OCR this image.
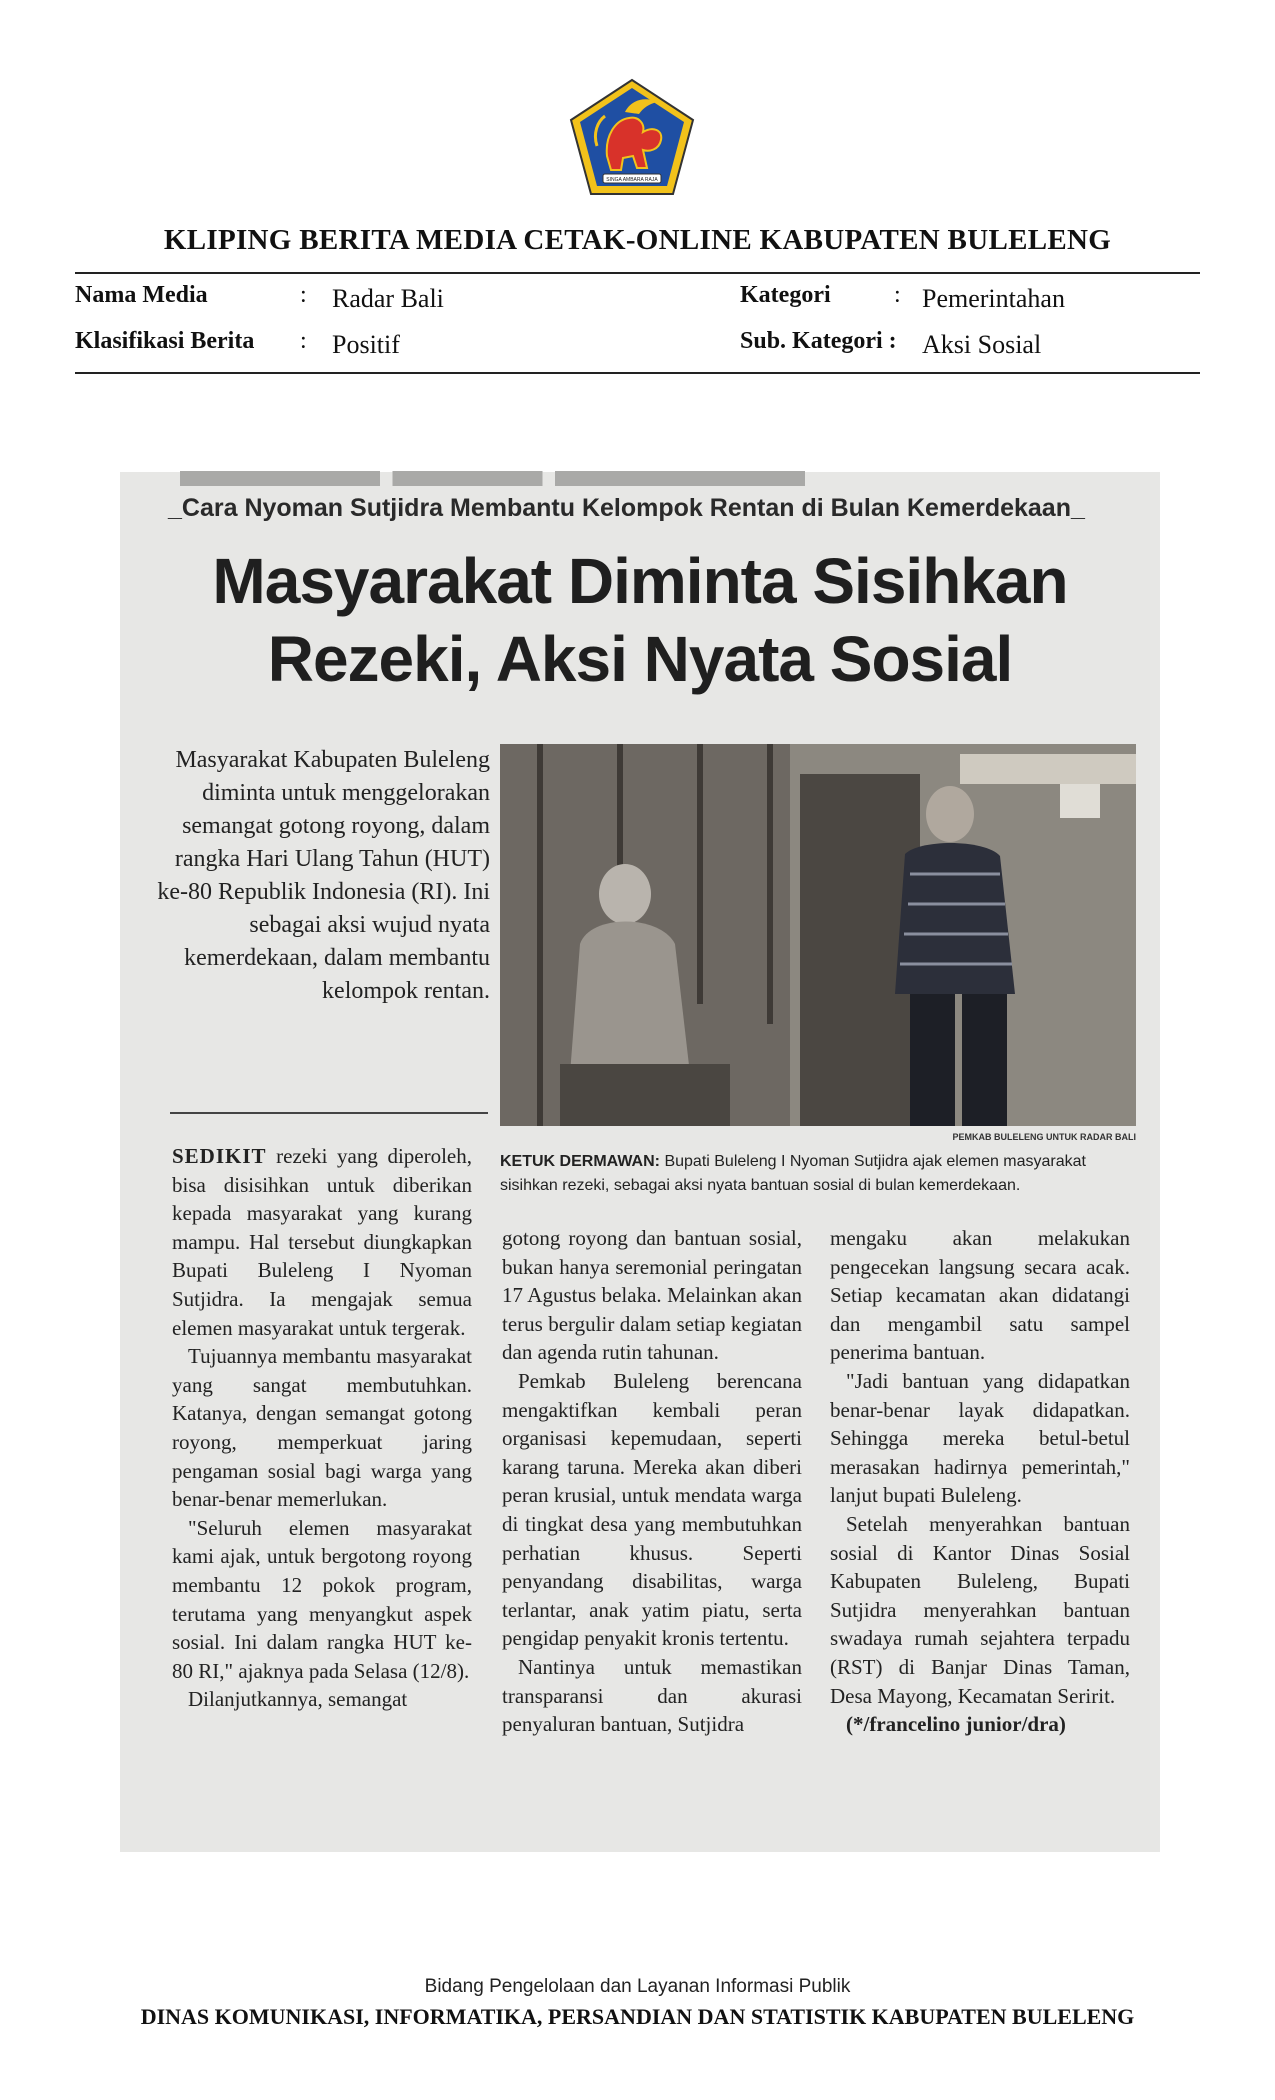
SINGA AMBARA RAJA
KLIPING BERITA MEDIA CETAK-ONLINE KABUPATEN BULELENG
Nama Media	: Radar Bali
Klasifikasi Berita : Positif
Kategori	: Pemerintahan
Sub. Kategori : Aksi Sosial
▬▬▬▬ ▬▬▬ ▬▬▬▬▬
_Cara Nyoman Sutjidra Membantu Kelompok Rentan di Bulan Kemerdekaan_
Masyarakat Diminta Sisihkan
Rezeki, Aksi Nyata Sosial
Masyarakat Kabupaten Buleleng diminta untuk menggelorakan semangat gotong royong, dalam rangka Hari Ulang Tahun (HUT) ke-80 Republik Indonesia (RI). Ini sebagai aksi wujud nyata kemerdekaan, dalam membantu kelompok rentan.
PEMKAB BULELENG UNTUK RADAR BALI
KETUK DERMAWAN: Bupati Buleleng I Nyoman Sutjidra ajak elemen masyarakat sisihkan rezeki, sebagai aksi nyata bantuan sosial di bulan kemerdekaan.

SEDIKIT rezeki yang diperoleh, bisa disisihkan untuk diberikan kepada masyarakat yang kurang mampu. Hal tersebut diungkapkan Bupati Buleleng I Nyoman Sutjidra. Ia mengajak semua elemen masyarakat untuk tergerak.

Tujuannya membantu masyarakat yang sangat membutuhkan. Katanya, dengan semangat gotong royong, memperkuat jaring pengaman sosial bagi warga yang benar-benar memerlukan.

"Seluruh elemen masyarakat kami ajak, untuk bergotong royong membantu 12 pokok program, terutama yang menyangkut aspek sosial. Ini dalam rangka HUT ke-80 RI," ajaknya pada Selasa (12/8).

Dilanjutkannya, semangat

gotong royong dan bantuan sosial, bukan hanya seremonial peringatan 17 Agustus belaka. Melainkan akan terus bergulir dalam setiap kegiatan dan agenda rutin tahunan.

Pemkab Buleleng berencana mengaktifkan kembali peran organisasi kepemudaan, seperti karang taruna. Mereka akan diberi peran krusial, untuk mendata warga di tingkat desa yang membutuhkan perhatian khusus. Seperti penyandang disabilitas, warga terlantar, anak yatim piatu, serta pengidap penyakit kronis tertentu.

Nantinya untuk memastikan transparansi dan akurasi penyaluran bantuan, Sutjidra

mengaku akan melakukan pengecekan langsung secara acak. Setiap kecamatan akan didatangi dan mengambil satu sampel penerima bantuan.

"Jadi bantuan yang didapatkan benar-benar layak didapatkan. Sehingga mereka betul-betul merasakan hadirnya pemerintah," lanjut bupati Buleleng.

Setelah menyerahkan bantuan sosial di Kantor Dinas Sosial Kabupaten Buleleng, Bupati Sutjidra menyerahkan bantuan swadaya rumah sejahtera terpadu (RST) di Banjar Dinas Taman, Desa Mayong, Kecamatan Seririt.

(*/francelino junior/dra)

Bidang Pengelolaan dan Layanan Informasi Publik
DINAS KOMUNIKASI, INFORMATIKA, PERSANDIAN DAN STATISTIK KABUPATEN BULELENG
